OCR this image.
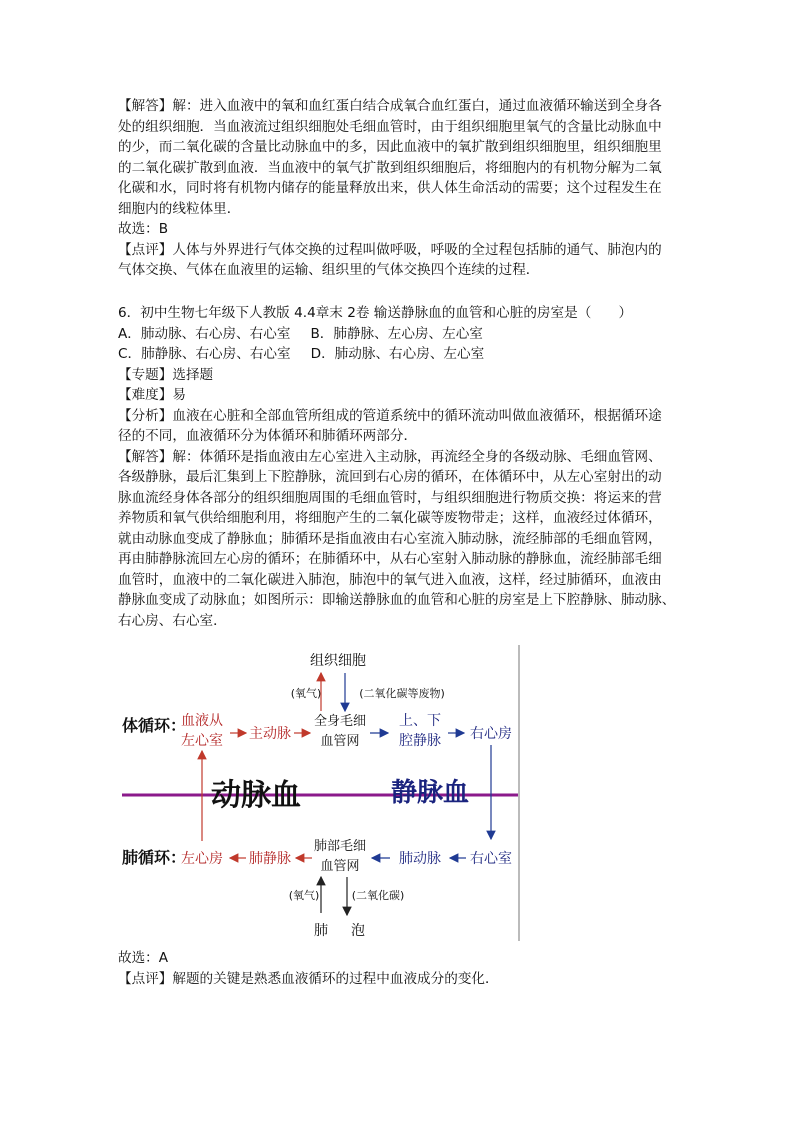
【解答】解：进入血液中的氧和血红蛋白结合成氧合血红蛋白，通过血液循环输送到全身各
处的组织细胞．当血液流过组织细胞处毛细血管时，由于组织细胞里氧气的含量比动脉血中
的少，而二氧化碳的含量比动脉血中的多，因此血液中的氧扩散到组织细胞里，组织细胞里
的二氧化碳扩散到血液．当血液中的氧气扩散到组织细胞后，将细胞内的有机物分解为二氧
化碳和水，同时将有机物内储存的能量释放出来，供人体生命活动的需要；这个过程发生在
细胞内的线粒体里．
故选：B
【点评】人体与外界进行气体交换的过程叫做呼吸，呼吸的全过程包括肺的通气、肺泡内的
气体交换、气体在血液里的运输、组织里的气体交换四个连续的过程．
6．初中生物七年级下人教版 4.4章末 2卷 输送静脉血的血管和心脏的房室是（　　）
A．肺动脉、右心房、右心室 B．肺静脉、左心房、左心室
C．肺静脉、右心房、右心室 D．肺动脉、右心房、左心室
【专题】选择题
【难度】易
【分析】血液在心脏和全部血管所组成的管道系统中的循环流动叫做血液循环，根据循环途
径的不同，血液循环分为体循环和肺循环两部分．
【解答】解：体循环是指血液由左心室进入主动脉，再流经全身的各级动脉、毛细血管网、
各级静脉，最后汇集到上下腔静脉，流回到右心房的循环，在体循环中，从左心室射出的动
脉血流经身体各部分的组织细胞周围的毛细血管时，与组织细胞进行物质交换：将运来的营
养物质和氧气供给细胞利用，将细胞产生的二氧化碳等废物带走；这样，血液经过体循环，
就由动脉血变成了静脉血；肺循环是指血液由右心室流入肺动脉，流经肺部的毛细血管网，
再由肺静脉流回左心房的循环；在肺循环中，从右心室射入肺动脉的静脉血，流经肺部毛细
血管时，血液中的二氧化碳进入肺泡，肺泡中的氧气进入血液，这样，经过肺循环，血液由
静脉血变成了动脉血；如图所示：即输送静脉血的血管和心脏的房室是上下腔静脉、肺动脉、
右心房、右心室．
组织细胞
(氧气)	(二氧化碳等废物)
体循环：
血液从
左心室 主动脉
全身毛细
血管网
上、下
腔静脉 右心房
动脉血	静脉血
肺循环：
左心房 肺静脉
肺部毛细
血管网	肺动脉 右心室
(氧气)	(二氧化碳)
肺 泡
故选：A
【点评】解题的关键是熟悉血液循环的过程中血液成分的变化．
